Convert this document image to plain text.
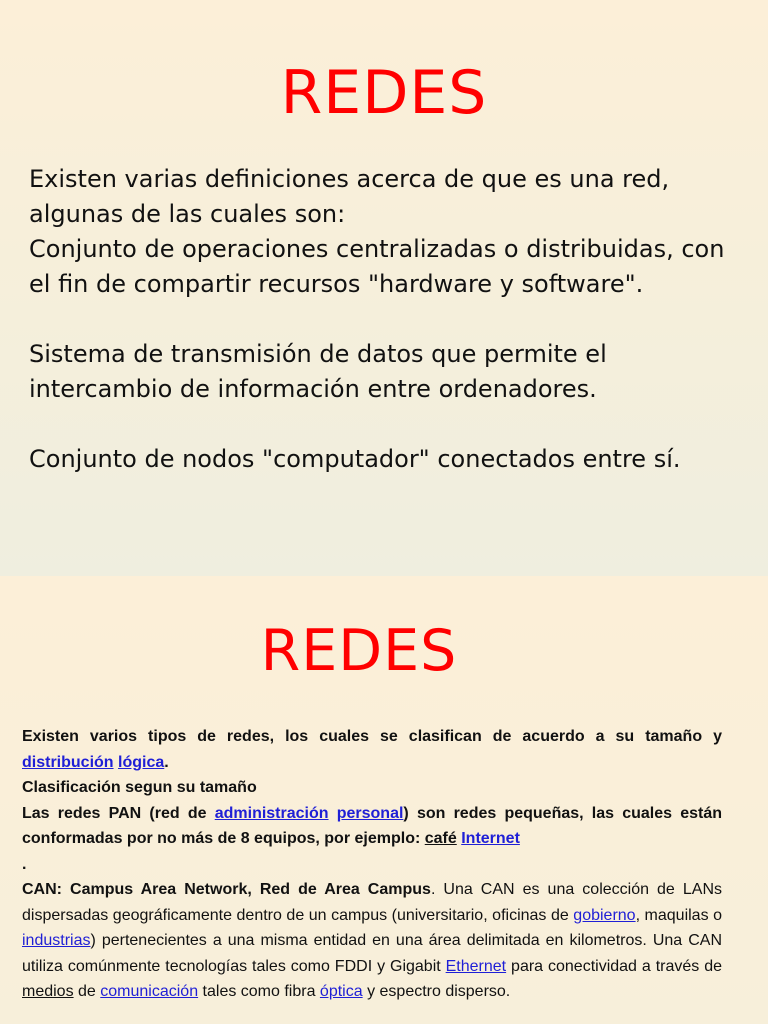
REDES

Existen varias definiciones acerca de que es una red,

algunas de las cuales son:

Conjunto de operaciones centralizadas o distribuidas, con

el fin de compartir recursos "hardware y software".

Sistema de transmisión de datos que permite el

intercambio de información entre ordenadores.

Conjunto de nodos "computador" conectados entre sí.

REDES

Existen varios tipos de redes, los cuales se clasifican de acuerdo a su tamaño y distribución lógica.

Clasificación segun su tamaño

Las redes PAN (red de administración personal) son redes pequeñas, las cuales están conformadas por no más de 8 equipos, por ejemplo: café Internet
.

CAN: Campus Area Network, Red de Area Campus. Una CAN es una colección de LANs dispersadas geográficamente dentro de un campus (universitario, oficinas de gobierno, maquilas o industrias) pertenecientes a una misma entidad en una área delimitada en kilometros. Una CAN utiliza comúnmente tecnologías tales como FDDI y Gigabit Ethernet para conectividad a través de medios de comunicación tales como fibra óptica y espectro disperso.
